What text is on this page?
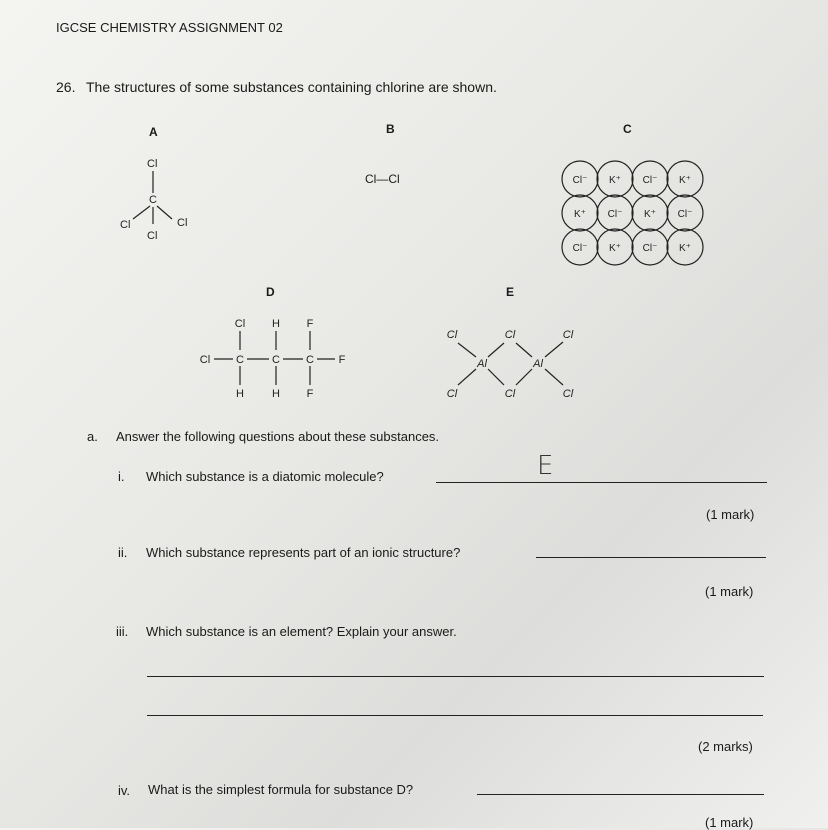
IGCSE CHEMISTRY ASSIGNMENT 02
26. The structures of some substances containing chlorine are shown.
A	B	C
D	E
Cl
C
Cl	Cl
Cl
Cl—Cl	Cl⁻ K⁺ Cl⁻ K⁺
K⁺ Cl⁻ K⁺ Cl⁻
Cl⁻ K⁺ Cl⁻ K⁺
Cl H F
Cl C	C C F
H	H F
Cl	Cl	Cl
Al	Al
Cl	Cl	Cl
a. Answer the following questions about these substances.
i. Which substance is a diatomic molecule?	E
(1 mark)
ii. Which substance represents part of an ionic structure?
(1 mark)
iii. Which substance is an element? Explain your answer.
(2 marks)
iv. What is the simplest formula for substance D?
(1 mark)
